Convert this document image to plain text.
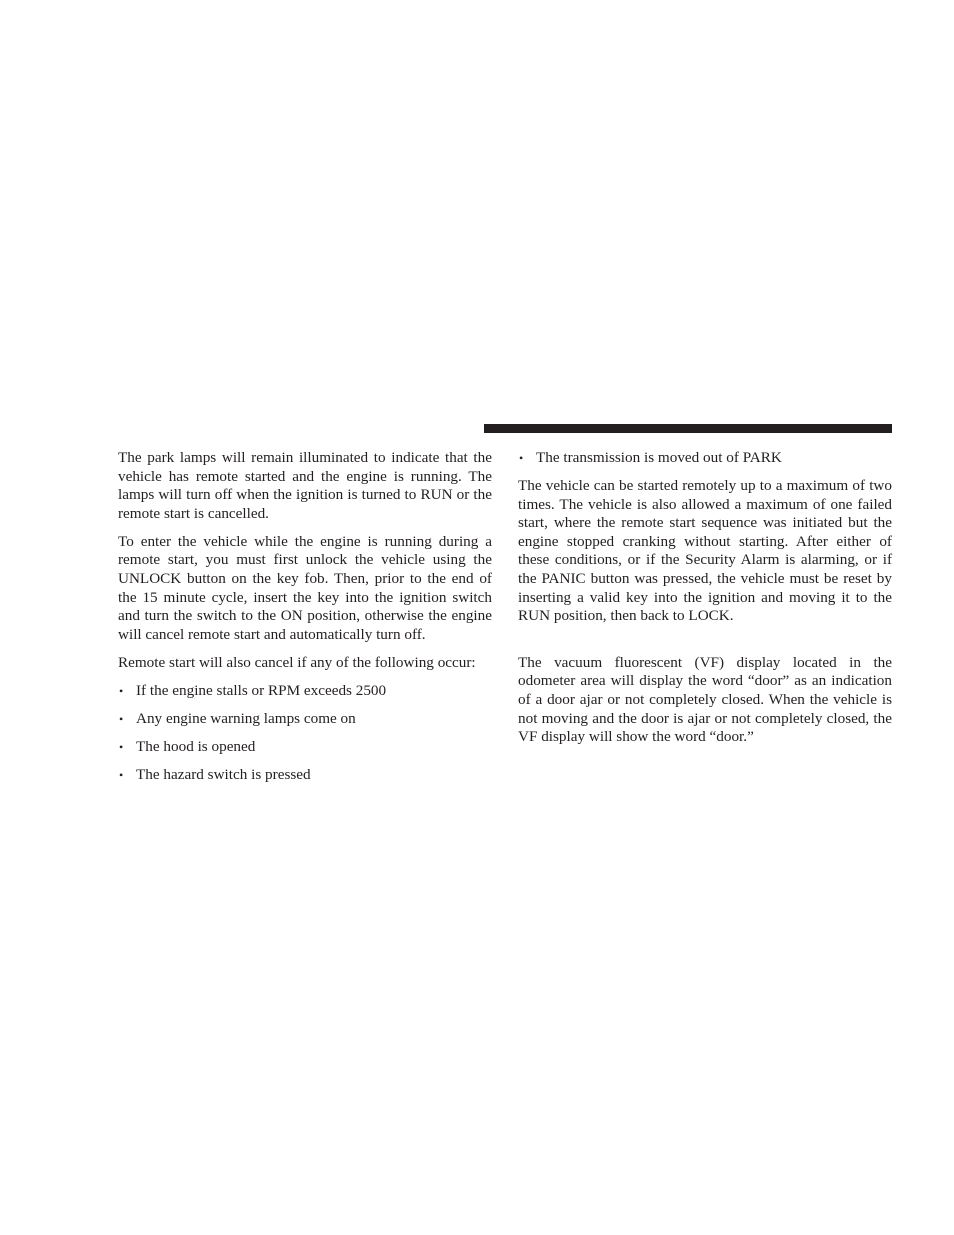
The park lamps will remain illuminated to indicate that the vehicle has remote started and the engine is running. The lamps will turn off when the ignition is turned to RUN or the remote start is cancelled.

To enter the vehicle while the engine is running during a remote start, you must first unlock the vehicle using the UNLOCK button on the key fob. Then, prior to the end of the 15 minute cycle, insert the key into the ignition switch and turn the switch to the ON position, otherwise the engine will cancel remote start and automatically turn off.

Remote start will also cancel if any of the following occur:

• If the engine stalls or RPM exceeds 2500
• Any engine warning lamps come on
• The hood is opened
• The hazard switch is pressed
• The transmission is moved out of PARK

The vehicle can be started remotely up to a maximum of two times. The vehicle is also allowed a maximum of one failed start, where the remote start sequence was initiated but the engine stopped cranking without starting. After either of these conditions, or if the Security Alarm is alarming, or if the PANIC button was pressed, the vehicle must be reset by inserting a valid key into the ignition and moving it to the RUN position, then back to LOCK.

The vacuum fluorescent (VF) display located in the odometer area will display the word “door” as an indication of a door ajar or not completely closed. When the vehicle is not moving and the door is ajar or not completely closed, the VF display will show the word “door.”
